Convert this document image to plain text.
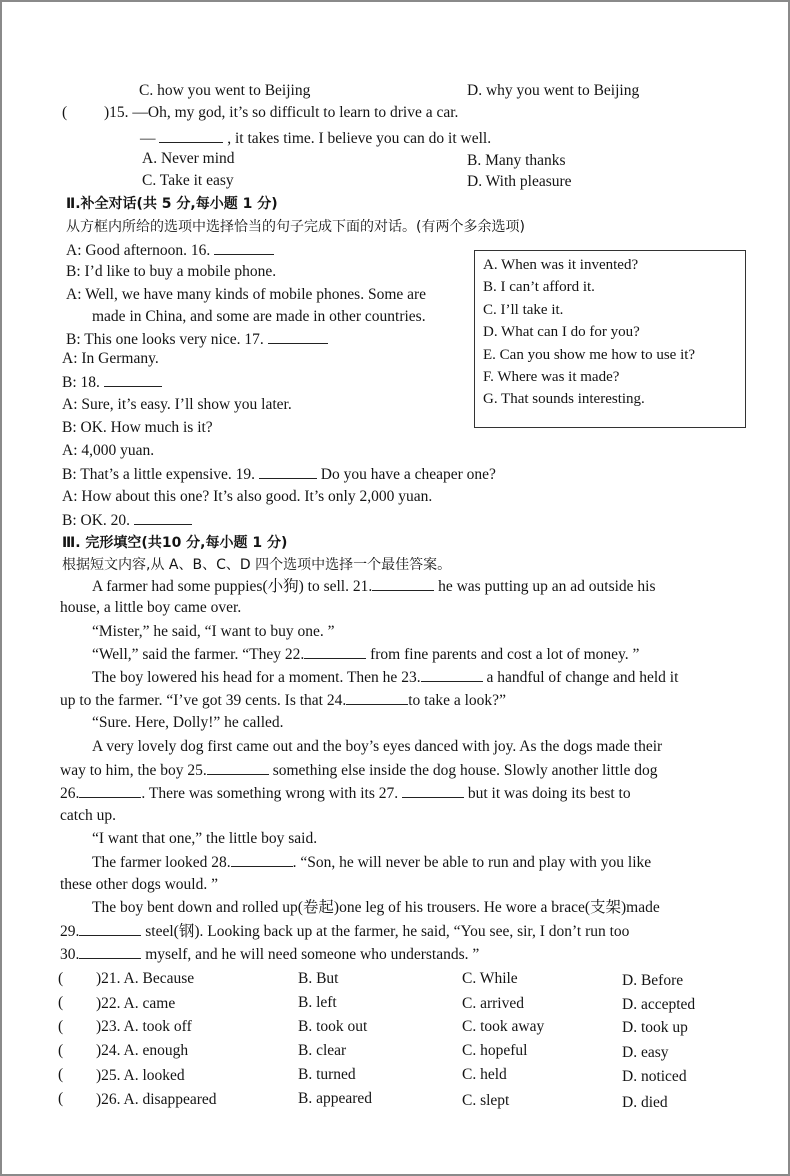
C. how you went to Beijing	D. why you went to Beijing
( )15. —Oh, my god, it’s so difficult to learn to drive a car.
—	, it takes time. I believe you can do it well.
A. Never mind	B. Many thanks
C. Take it easy	D. With pleasure
Ⅱ.补全对话(共 5 分,每小题 1 分)
从方框内所给的选项中选择恰当的句子完成下面的对话。(有两个多余选项)
A: Good afternoon. 16.
B: I’d like to buy a mobile phone.
A: Well, we have many kinds of mobile phones. Some are
made in China, and some are made in other countries.
B: This one looks very nice. 17.
A: In Germany.
B: 18.
A: Sure, it’s easy. I’ll show you later.
B: OK. How much is it?
A: 4,000 yuan.
B: That’s a little expensive. 19.	Do you have a cheaper one?
A: How about this one? It’s also good. It’s only 2,000 yuan.
B: OK. 20.
A. When was it invented?
B. I can’t afford it.
C. I’ll take it.
D. What can I do for you?
E. Can you show me how to use it?
F. Where was it made?
G. That sounds interesting.
Ⅲ. 完形填空(共10 分,每小题 1 分)
根据短文内容,从 A、B、C、D 四个选项中选择一个最佳答案。
A farmer had some puppies(小狗) to sell. 21.	he was putting up an ad outside his
house, a little boy came over.
“Mister,” he said, “I want to buy one. ”
“Well,” said the farmer. “They 22.	from fine parents and cost a lot of money. ”
The boy lowered his head for a moment. Then he 23.	a handful of change and held it
up to the farmer. “I’ve got 39 cents. Is that 24.	to take a look?”
“Sure. Here, Dolly!” he called.
A very lovely dog first came out and the boy’s eyes danced with joy. As the dogs made their
way to him, the boy 25.	something else inside the dog house. Slowly another little dog
26.	. There was something wrong with its 27.	but it was doing its best to
catch up.
“I want that one,” the little boy said.
The farmer looked 28.	. “Son, he will never be able to run and play with you like
these other dogs would. ”
The boy bent down and rolled up(卷起)one leg of his trousers. He wore a brace(支架)made
29.	steel(钢). Looking back up at the farmer, he said, “You see, sir, I don’t run too
30.	myself, and he will need someone who understands. ”
( )21. A. Because	B. But	C. While	D. Before
( )22. A. came	B. left	C. arrived	D. accepted
( )23. A. took off	B. took out	C. took away	D. took up
( )24. A. enough	B. clear	C. hopeful	D. easy
( )25. A. looked	B. turned	C. held	D. noticed
( )26. A. disappeared	B. appeared	C. slept	D. died
